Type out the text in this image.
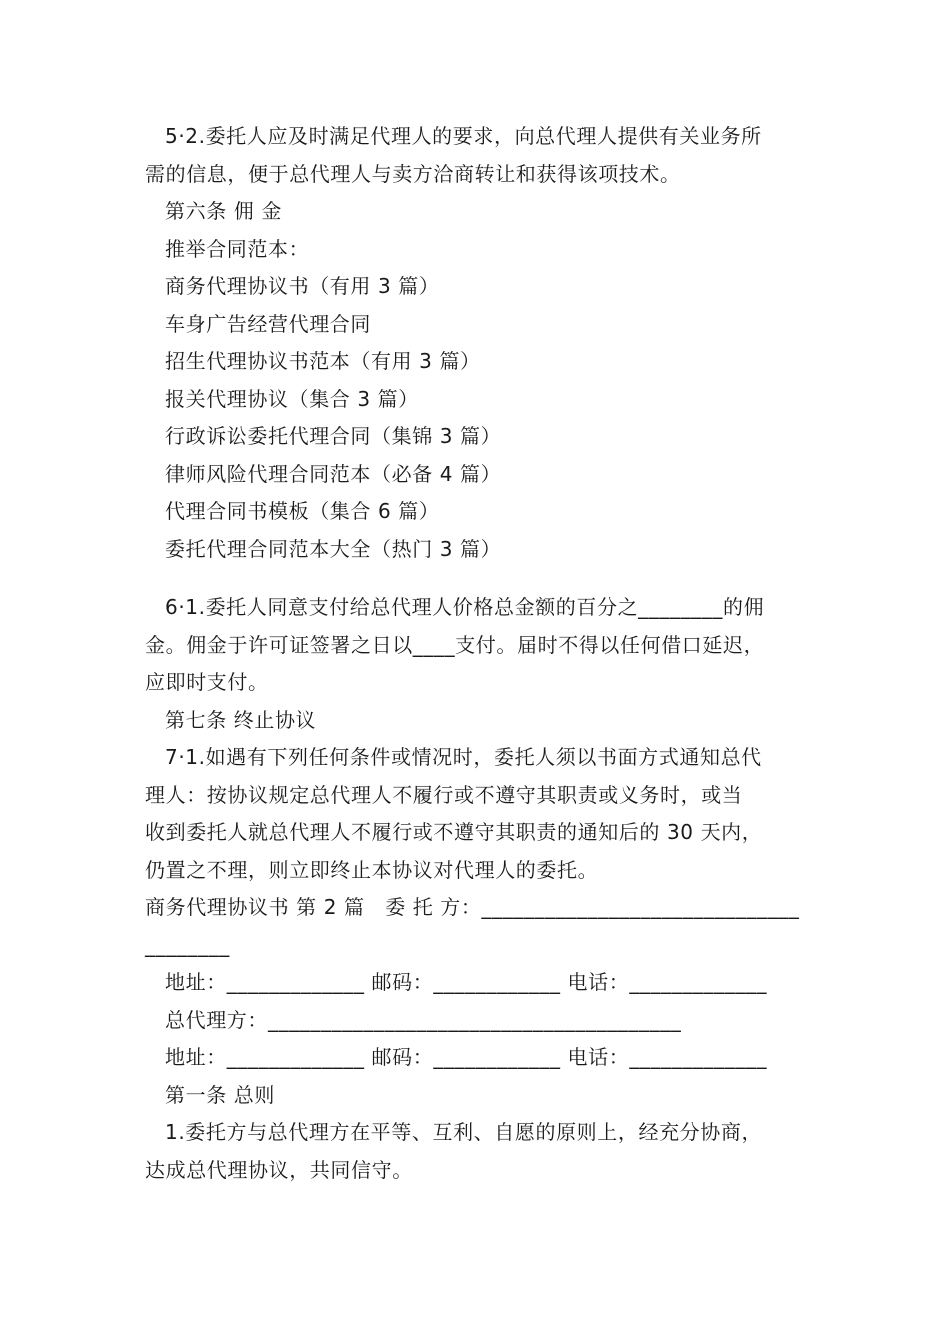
5·2.委托人应及时满足代理人的要求，向总代理人提供有关业务所

需的信息，便于总代理人与卖方洽商转让和获得该项技术。

第六条 佣 金

推举合同范本：

商务代理协议书（有用 3 篇）

车身广告经营代理合同

招生代理协议书范本（有用 3 篇）

报关代理协议（集合 3 篇）

行政诉讼委托代理合同（集锦 3 篇）

律师风险代理合同范本（必备 4 篇）

代理合同书模板（集合 6 篇）

委托代理合同范本大全（热门 3 篇）

6·1.委托人同意支付给总代理人价格总金额的百分之________的佣

金。佣金于许可证签署之日以____支付。届时不得以任何借口延迟，

应即时支付。

第七条 终止协议

7·1.如遇有下列任何条件或情况时，委托人须以书面方式通知总代

理人：按协议规定总代理人不履行或不遵守其职责或义务时，或当

收到委托人就总代理人不履行或不遵守其职责的通知后的 30 天内，

仍置之不理，则立即终止本协议对代理人的委托。

商务代理协议书 第 2 篇　委 托 方：______________________________

________

地址：_____________ 邮码：____________ 电话：_____________

总代理方：_______________________________________

地址：_____________ 邮码：____________ 电话：_____________

第一条 总则

1.委托方与总代理方在平等、互利、自愿的原则上，经充分协商，

达成总代理协议，共同信守。
